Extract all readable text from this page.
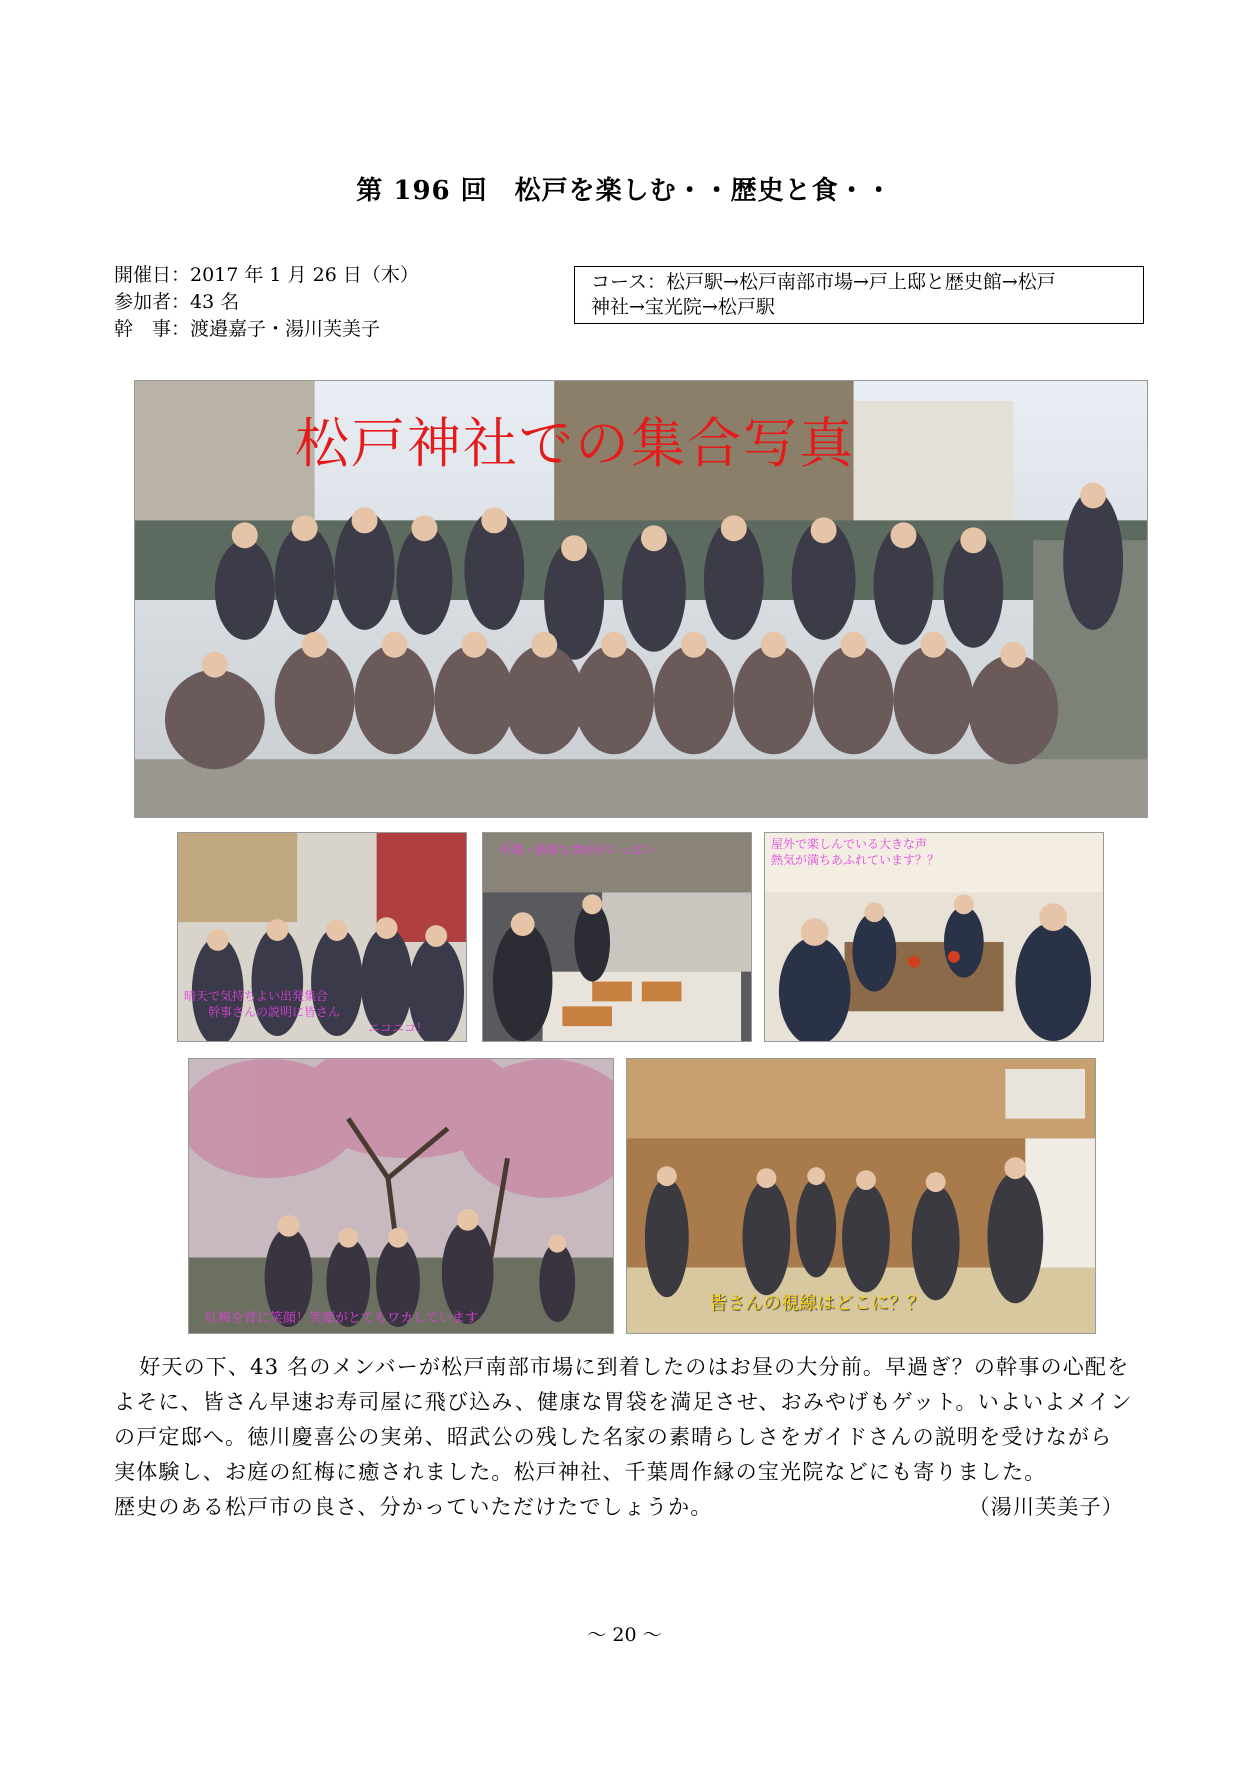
第 196 回　松戸を楽しむ・・歴史と食・・
開催日：2017 年 1 月 26 日（木）
参加者：43 名
幹　事：渡邉嘉子・湯川芙美子
コース：松戸駅→松戸南部市場→戸上邸と歴史館→松戸
神社→宝光院→松戸駅
松戸神社での集合写真
晴天で気持ちよい出発集合
幹事さんの説明に皆さん
ニコニコ！
市場・新鮮な食材がいっぱい	屋外で楽しんでいる大きな声
熱気が満ちあふれています？？
紅梅を背に笑顔！笑顔がとてもワカしています
皆さんの視線はどこに？？

好天の下、43 名のメンバーが松戸南部市場に到着したのはお昼の大分前。早過ぎ？の幹事の心配をよそに、皆さん早速お寿司屋に飛び込み、健康な胃袋を満足させ、おみやげもゲット。いよいよメインの戸定邸へ。徳川慶喜公の実弟、昭武公の残した名家の素晴らしさをガイドさんの説明を受けながら実体験し、お庭の紅梅に癒されました。松戸神社、千葉周作縁の宝光院などにも寄りました。

歴史のある松戸市の良さ、分かっていただけたでしょうか。	（湯川芙美子）
～ 20 ～
